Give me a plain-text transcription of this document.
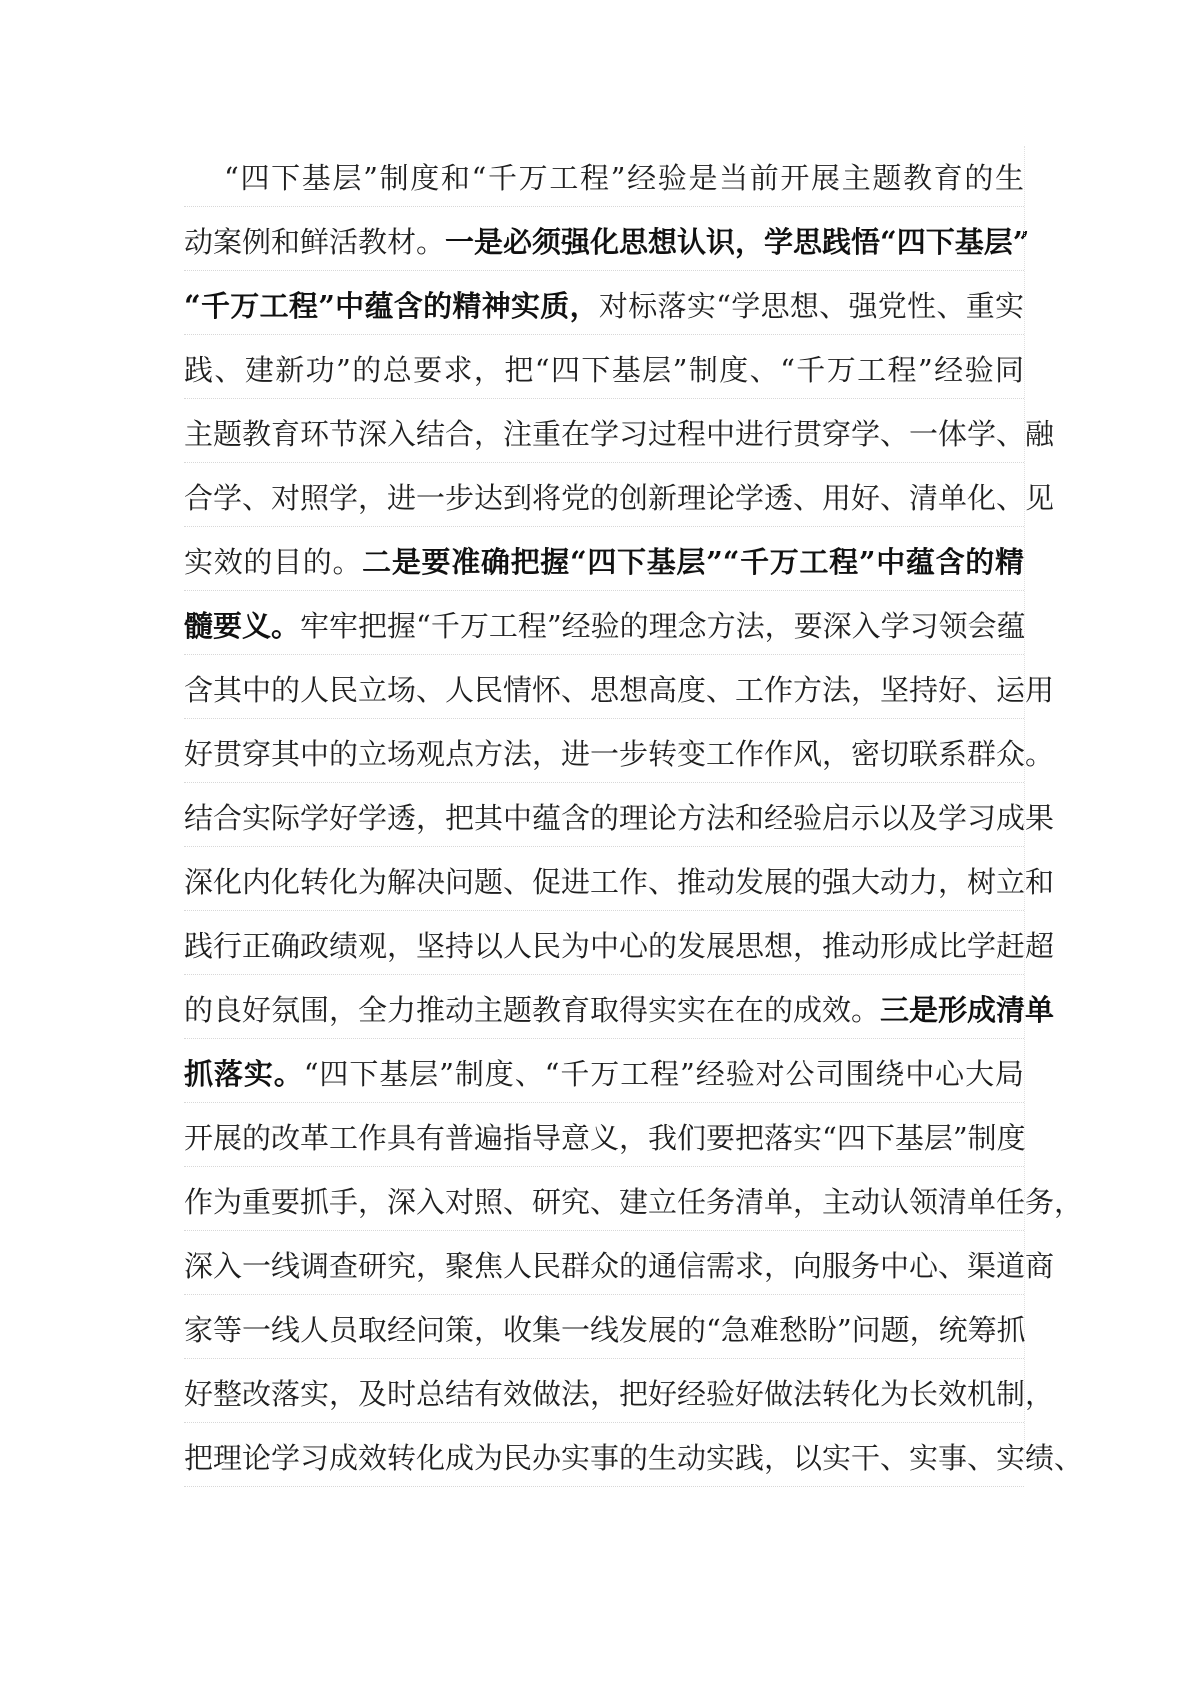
“四下基层”制度和“千万工程”经验是当前开展主题教育的生
动案例和鲜活教材。一是必须强化思想认识，学思践悟“四下基层”
“千万工程”中蕴含的精神实质，对标落实“学思想、强党性、重实
践、建新功”的总要求，把“四下基层”制度、“千万工程”经验同
主题教育环节深入结合，注重在学习过程中进行贯穿学、一体学、融
合学、对照学，进一步达到将党的创新理论学透、用好、清单化、见
实效的目的。二是要准确把握“四下基层”“千万工程”中蕴含的精
髓要义。牢牢把握“千万工程”经验的理念方法，要深入学习领会蕴
含其中的人民立场、人民情怀、思想高度、工作方法，坚持好、运用
好贯穿其中的立场观点方法，进一步转变工作作风，密切联系群众。
结合实际学好学透，把其中蕴含的理论方法和经验启示以及学习成果
深化内化转化为解决问题、促进工作、推动发展的强大动力，树立和
践行正确政绩观，坚持以人民为中心的发展思想，推动形成比学赶超
的良好氛围，全力推动主题教育取得实实在在的成效。三是形成清单
抓落实。“四下基层”制度、“千万工程”经验对公司围绕中心大局
开展的改革工作具有普遍指导意义，我们要把落实“四下基层”制度
作为重要抓手，深入对照、研究、建立任务清单，主动认领清单任务，
深入一线调查研究，聚焦人民群众的通信需求，向服务中心、渠道商
家等一线人员取经问策，收集一线发展的“急难愁盼”问题，统筹抓
好整改落实，及时总结有效做法，把好经验好做法转化为长效机制，
把理论学习成效转化成为民办实事的生动实践，以实干、实事、实绩、
